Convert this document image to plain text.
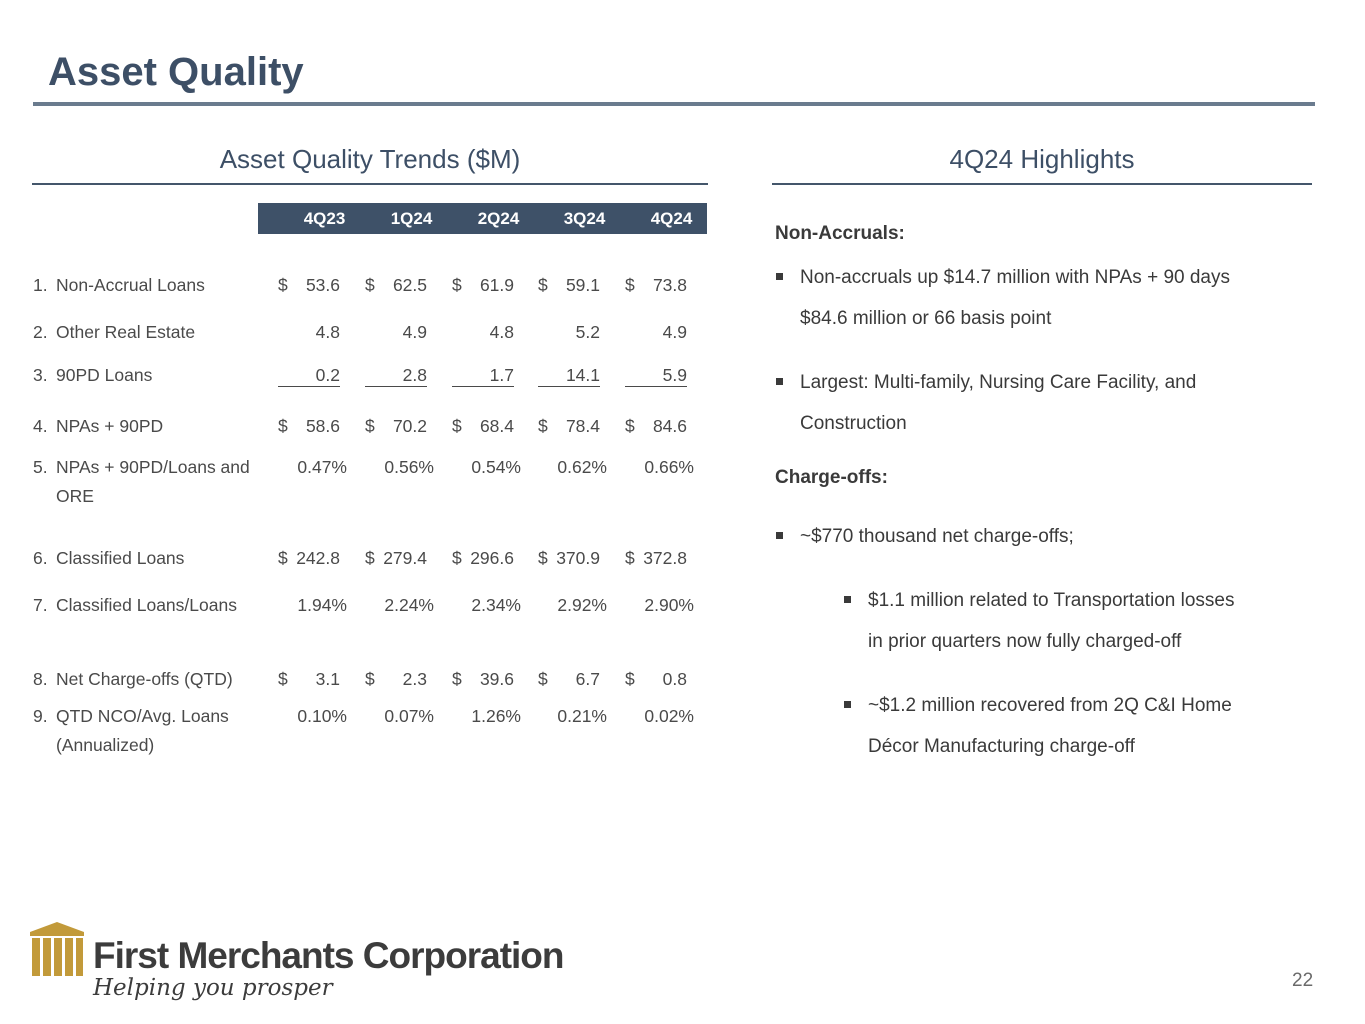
Asset Quality
Asset Quality Trends ($M)
4Q23	1Q24	2Q24	3Q24	4Q24
1. Non-Accrual Loans	$ 53.6 $ 62.5 $ 61.9 $ 59.1 $ 73.8
2. Other Real Estate	4.8	4.9	4.8	5.2	4.9
3. 90PD Loans	0.2	2.8	1.7	14.1	5.9
4. NPAs + 90PD	$ 58.6 $ 70.2 $ 68.4 $ 78.4 $ 84.6
5. NPAs + 90PD/Loans and ORE
0.47% 0.56% 0.54% 0.62% 0.66%
6. Classified Loans	$ 242.8 $ 279.4 $ 296.6 $ 370.9 $ 372.8
7. Classified Loans/Loans	1.94% 2.24% 2.34% 2.92% 2.90%
8. Net Charge-offs (QTD)	$ 3.1 $ 2.3 $ 39.6 $ 6.7 $ 0.8
9. QTD NCO/Avg. Loans (Annualized)
0.10% 0.07% 1.26% 0.21% 0.02%
4Q24 Highlights
Non-Accruals:
Non-accruals up $14.7 million with NPAs + 90 days
$84.6 million or 66 basis point
Largest: Multi-family, Nursing Care Facility, and
Construction
Charge-offs:
~$770 thousand net charge-offs;
$1.1 million related to Transportation losses
in prior quarters now fully charged-off
~$1.2 million recovered from 2Q C&I Home
Décor Manufacturing charge-off
First Merchants Corporation
Helping you prosper	22
